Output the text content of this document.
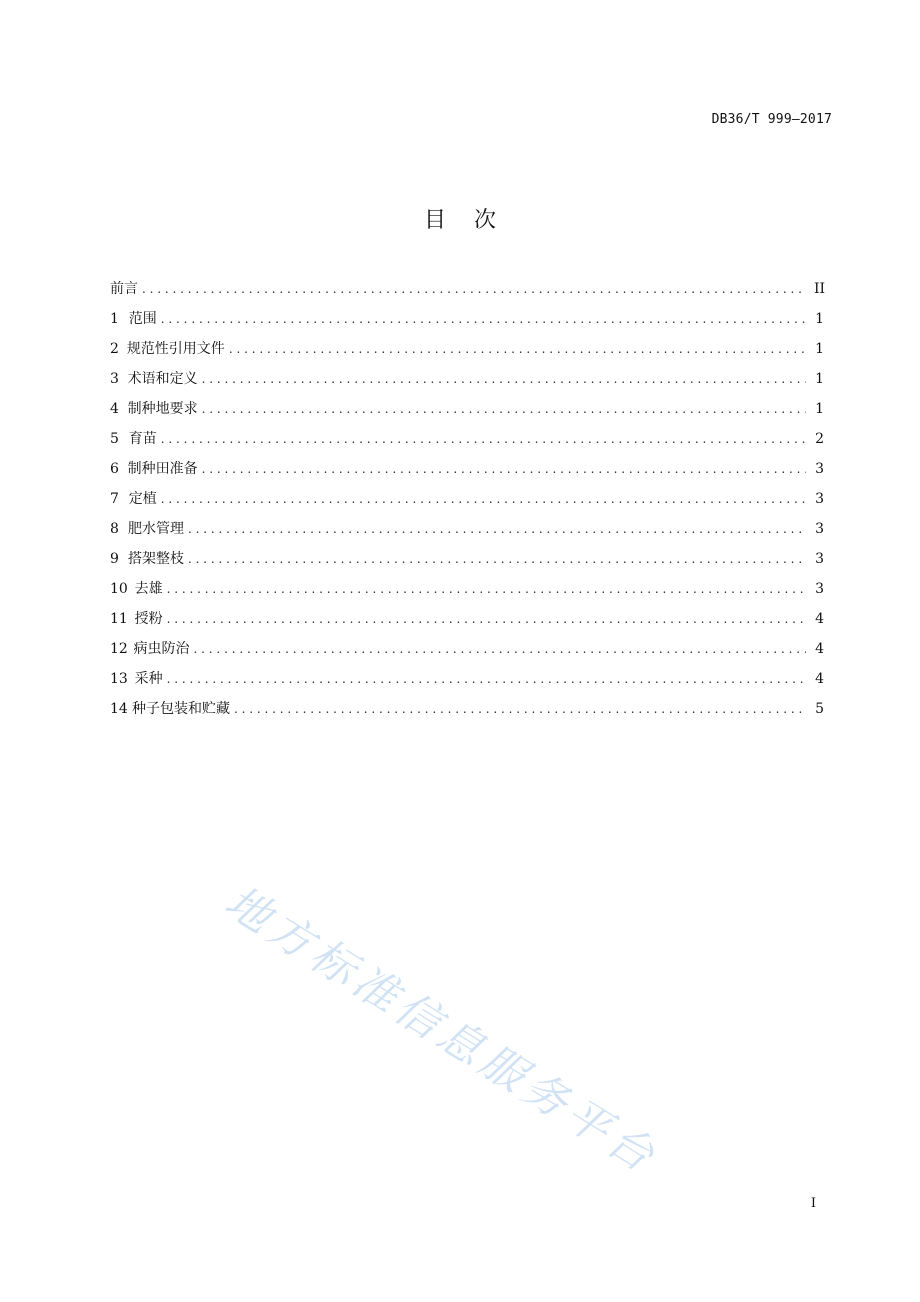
DB36/T 999—2017
目    次
前言 . . .	II
1 范围 . . .	1
2 规范性引用文件 . . .	1
3 术语和定义 . . .	1
4 制种地要求 . . .	1
5 育苗 . . .	2
6 制种田准备 . . .	3
7 定植 . . .	3
8 肥水管理 . . .	3
9 搭架整枝 . . .	3
10 去雄 . . .	3
11 授粉 . . .	4
12 病虫防治 . . .	4
13 采种 . . .	4
14 种子包装和贮藏 . . .	5
地方标准信息服务平台
I
